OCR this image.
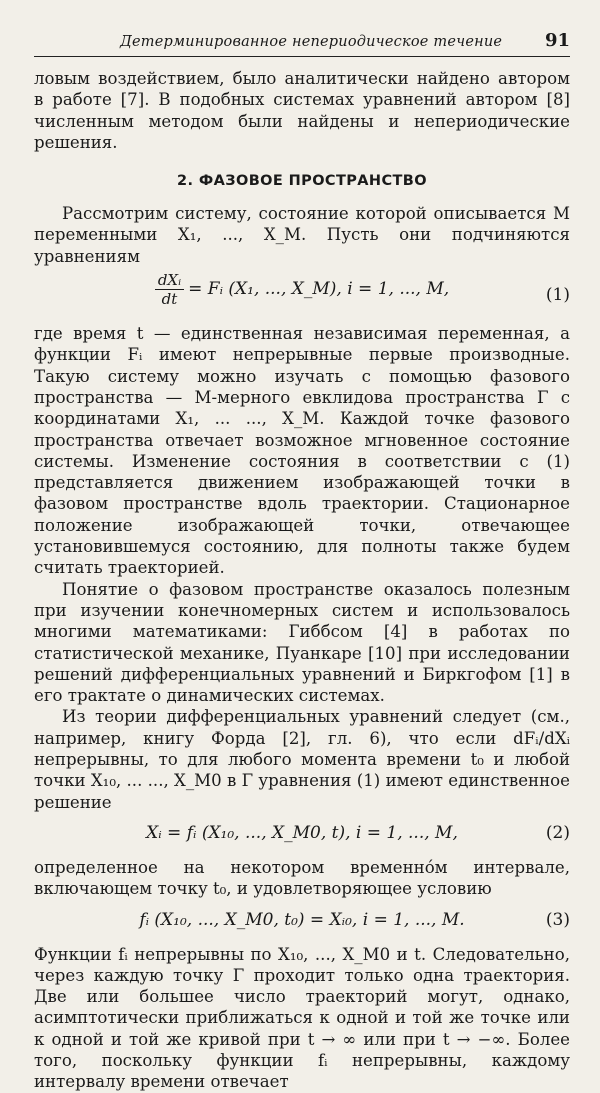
Детерминированное непериодическое течение 91

ловым воздействием, было аналитически найдено автором в работе [7]. В подобных системах уравнений автором [8] численным методом были найдены и непериодические решения.

2. ФАЗОВОЕ ПРОСТРАНСТВО

Рассмотрим систему, состояние которой описывается M переменными X₁, ..., X_M. Пусть они подчиняются уравнениям

$\frac{\text{dXᵢ}}{dt}$ = Fᵢ (X₁, ..., X_M), i = 1, ..., M,	(1)

где время t — единственная независимая переменная, а функции Fᵢ имеют непрерывные первые производные. Такую систему можно изучать с помощью фазового пространства — M-мерного евклидова пространства Γ с координатами X₁, ... ..., X_M. Каждой точке фазового пространства отвечает возможное мгновенное состояние системы. Изменение состояния в соответствии с (1) представляется движением изображающей точки в фазовом пространстве вдоль траектории. Стационарное положение изображающей точки, отвечающее установившемуся состоянию, для полноты также будем считать траекторией.

Понятие о фазовом пространстве оказалось полезным при изучении конечномерных систем и использовалось многими математиками: Гиббсом [4] в работах по статистической механике, Пуанкаре [10] при исследовании решений дифференциальных уравнений и Биркгофом [1] в его трактате о динамических системах.

Из теории дифференциальных уравнений следует (см., например, книгу Форда [2], гл. 6), что если dFᵢ/dXᵢ непрерывны, то для любого момента времени t₀ и любой точки X₁₀, ... ..., X_M0 в Γ уравнения (1) имеют единственное решение

Xᵢ = fᵢ (X₁₀, ..., X_M0, t), i = 1, ..., M,	(2)

определенное на некотором временно́м интервале, включающем точку t₀, и удовлетворяющее условию

fᵢ (X₁₀, ..., X_M0, t₀) = Xᵢ₀, i = 1, ..., M.	(3)

Функции fᵢ непрерывны по X₁₀, ..., X_M0 и t. Следовательно, через каждую точку Γ проходит только одна траектория. Две или большее число траекторий могут, однако, асимптотически приближаться к одной и той же точке или к одной и той же кривой при t → ∞ или при t → −∞. Более того, поскольку функции fᵢ непрерывны, каждому интервалу времени отвечает
